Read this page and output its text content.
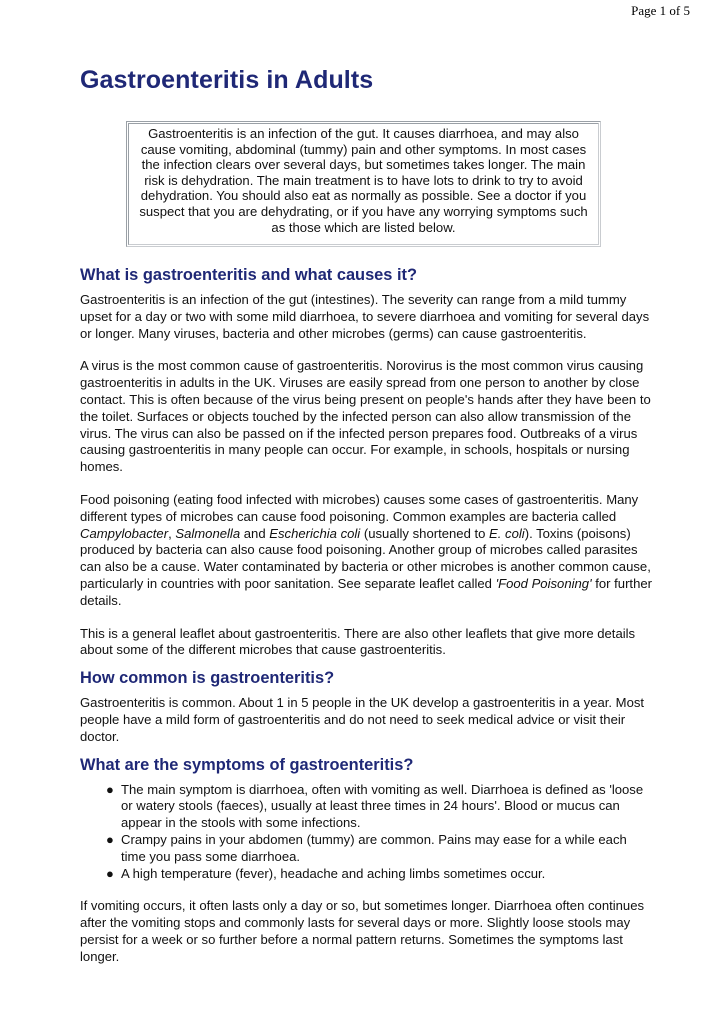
Page 1 of 5
Gastroenteritis in Adults

Gastroenteritis is an infection of the gut. It causes diarrhoea, and may also cause vomiting, abdominal (tummy) pain and other symptoms. In most cases the infection clears over several days, but sometimes takes longer. The main risk is dehydration. The main treatment is to have lots to drink to try to avoid dehydration. You should also eat as normally as possible. See a doctor if you suspect that you are dehydrating, or if you have any worrying symptoms such as those which are listed below.

What is gastroenteritis and what causes it?

Gastroenteritis is an infection of the gut (intestines). The severity can range from a mild tummy upset for a day or two with some mild diarrhoea, to severe diarrhoea and vomiting for several days or longer. Many viruses, bacteria and other microbes (germs) can cause gastroenteritis.

A virus is the most common cause of gastroenteritis. Norovirus is the most common virus causing gastroenteritis in adults in the UK. Viruses are easily spread from one person to another by close contact. This is often because of the virus being present on people's hands after they have been to the toilet. Surfaces or objects touched by the infected person can also allow transmission of the virus. The virus can also be passed on if the infected person prepares food. Outbreaks of a virus causing gastroenteritis in many people can occur. For example, in schools, hospitals or nursing homes.

Food poisoning (eating food infected with microbes) causes some cases of gastroenteritis. Many different types of microbes can cause food poisoning. Common examples are bacteria called Campylobacter, Salmonella and Escherichia coli (usually shortened to E. coli). Toxins (poisons) produced by bacteria can also cause food poisoning. Another group of microbes called parasites can also be a cause. Water contaminated by bacteria or other microbes is another common cause, particularly in countries with poor sanitation. See separate leaflet called 'Food Poisoning' for further details.

This is a general leaflet about gastroenteritis. There are also other leaflets that give more details about some of the different microbes that cause gastroenteritis.

How common is gastroenteritis?

Gastroenteritis is common. About 1 in 5 people in the UK develop a gastroenteritis in a year. Most people have a mild form of gastroenteritis and do not need to seek medical advice or visit their doctor.

What are the symptoms of gastroenteritis?
● The main symptom is diarrhoea, often with vomiting as well. Diarrhoea is defined as 'loose or watery stools (faeces), usually at least three times in 24 hours'. Blood or mucus can appear in the stools with some infections.
● Crampy pains in your abdomen (tummy) are common. Pains may ease for a while each time you pass some diarrhoea.
● A high temperature (fever), headache and aching limbs sometimes occur.

If vomiting occurs, it often lasts only a day or so, but sometimes longer. Diarrhoea often continues after the vomiting stops and commonly lasts for several days or more. Slightly loose stools may persist for a week or so further before a normal pattern returns. Sometimes the symptoms last longer.
